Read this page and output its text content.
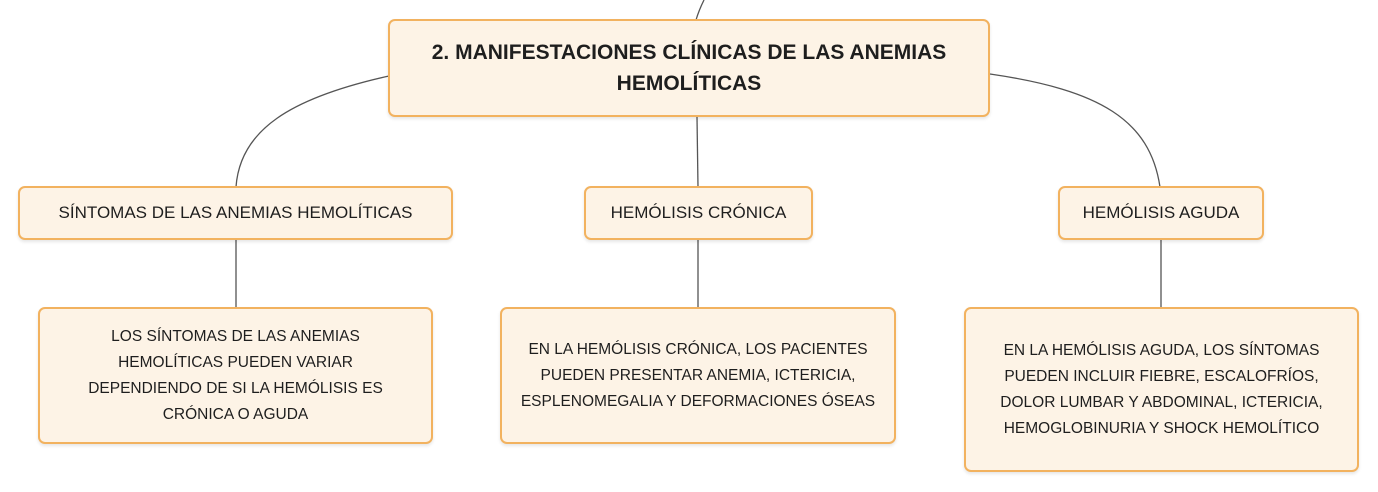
2. MANIFESTACIONES CLÍNICAS DE LAS ANEMIAS HEMOLÍTICAS
SÍNTOMAS DE LAS ANEMIAS HEMOLÍTICAS	HEMÓLISIS CRÓNICA	HEMÓLISIS AGUDA
LOS SÍNTOMAS DE LAS ANEMIAS HEMOLÍTICAS PUEDEN VARIAR DEPENDIENDO DE SI LA HEMÓLISIS ES CRÓNICA O AGUDA
EN LA HEMÓLISIS CRÓNICA, LOS PACIENTES PUEDEN PRESENTAR ANEMIA, ICTERICIA, ESPLENOMEGALIA Y DEFORMACIONES ÓSEAS
EN LA HEMÓLISIS AGUDA, LOS SÍNTOMAS PUEDEN INCLUIR FIEBRE, ESCALOFRÍOS, DOLOR LUMBAR Y ABDOMINAL, ICTERICIA, HEMOGLOBINURIA Y SHOCK HEMOLÍTICO
